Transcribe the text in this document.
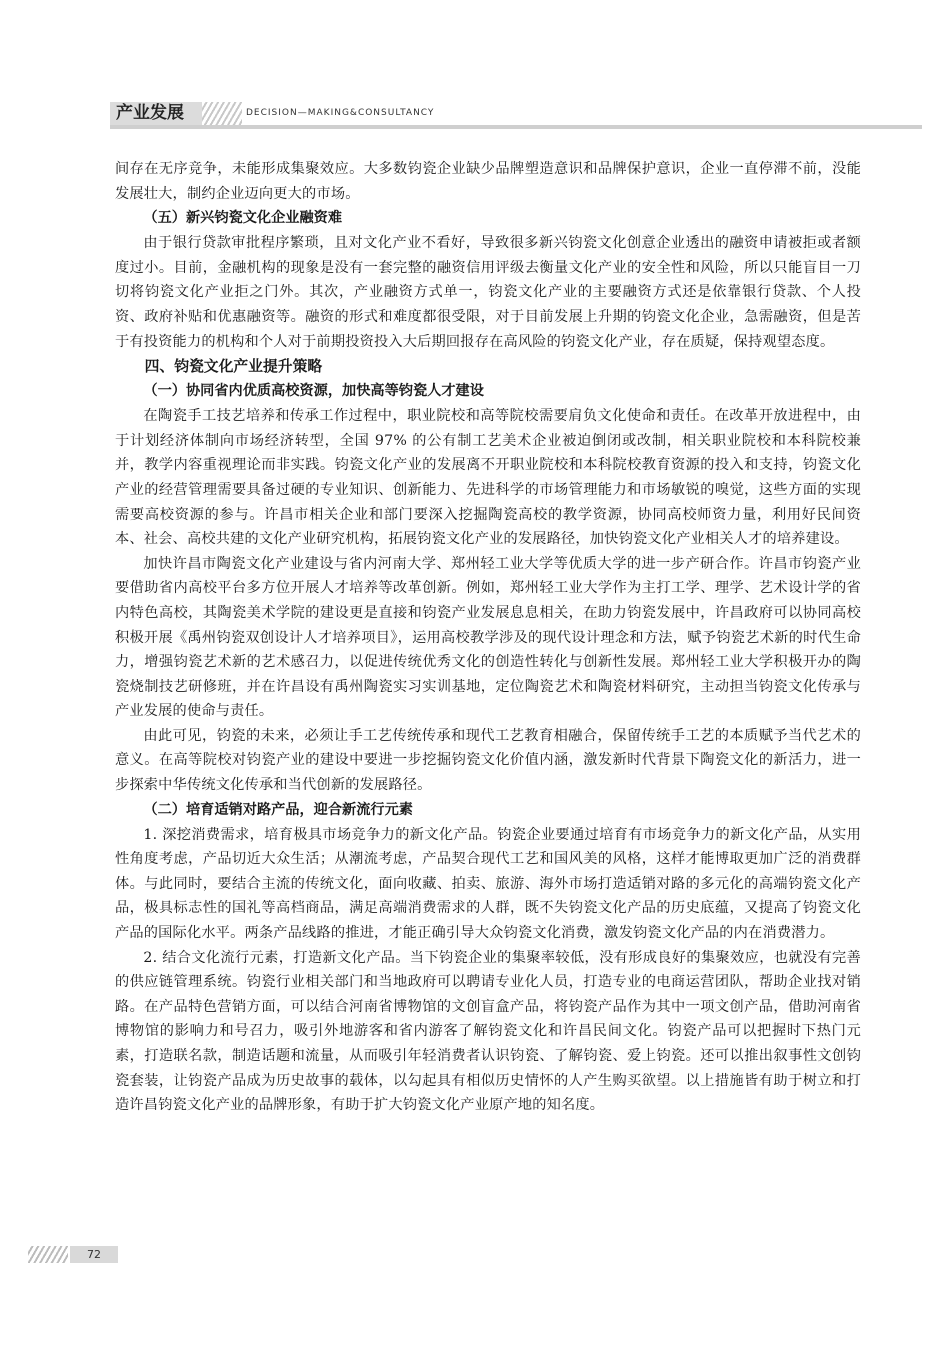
产业发展	DECISION—MAKING&CONSULTANCY

间存在无序竞争，未能形成集聚效应。大多数钧瓷企业缺少品牌塑造意识和品牌保护意识，企业一直停滞不前，没能发展壮大，制约企业迈向更大的市场。

（五）新兴钧瓷文化企业融资难

由于银行贷款审批程序繁琐，且对文化产业不看好，导致很多新兴钧瓷文化创意企业透出的融资申请被拒或者额度过小。目前，金融机构的现象是没有一套完整的融资信用评级去衡量文化产业的安全性和风险，所以只能盲目一刀切将钧瓷文化产业拒之门外。其次，产业融资方式单一，钧瓷文化产业的主要融资方式还是依靠银行贷款、个人投资、政府补贴和优惠融资等。融资的形式和难度都很受限，对于目前发展上升期的钧瓷文化企业，急需融资，但是苦于有投资能力的机构和个人对于前期投资投入大后期回报存在高风险的钧瓷文化产业，存在质疑，保持观望态度。

四、钧瓷文化产业提升策略

（一）协同省内优质高校资源，加快高等钧瓷人才建设

在陶瓷手工技艺培养和传承工作过程中，职业院校和高等院校需要肩负文化使命和责任。在改革开放进程中，由于计划经济体制向市场经济转型，全国 97% 的公有制工艺美术企业被迫倒闭或改制，相关职业院校和本科院校兼并，教学内容重视理论而非实践。钧瓷文化产业的发展离不开职业院校和本科院校教育资源的投入和支持，钧瓷文化产业的经营管理需要具备过硬的专业知识、创新能力、先进科学的市场管理能力和市场敏锐的嗅觉，这些方面的实现需要高校资源的参与。许昌市相关企业和部门要深入挖掘陶瓷高校的教学资源，协同高校师资力量，利用好民间资本、社会、高校共建的文化产业研究机构，拓展钧瓷文化产业的发展路径，加快钧瓷文化产业相关人才的培养建设。

加快许昌市陶瓷文化产业建设与省内河南大学、郑州轻工业大学等优质大学的进一步产研合作。许昌市钧瓷产业要借助省内高校平台多方位开展人才培养等改革创新。例如，郑州轻工业大学作为主打工学、理学、艺术设计学的省内特色高校，其陶瓷美术学院的建设更是直接和钧瓷产业发展息息相关，在助力钧瓷发展中，许昌政府可以协同高校积极开展《禹州钧瓷双创设计人才培养项目》，运用高校教学涉及的现代设计理念和方法，赋予钧瓷艺术新的时代生命力，增强钧瓷艺术新的艺术感召力，以促进传统优秀文化的创造性转化与创新性发展。郑州轻工业大学积极开办的陶瓷烧制技艺研修班，并在许昌设有禹州陶瓷实习实训基地，定位陶瓷艺术和陶瓷材料研究，主动担当钧瓷文化传承与产业发展的使命与责任。

由此可见，钧瓷的未来，必须让手工艺传统传承和现代工艺教育相融合，保留传统手工艺的本质赋予当代艺术的意义。在高等院校对钧瓷产业的建设中要进一步挖掘钧瓷文化价值内涵，激发新时代背景下陶瓷文化的新活力，进一步探索中华传统文化传承和当代创新的发展路径。

（二）培育适销对路产品，迎合新流行元素

1. 深挖消费需求，培育极具市场竞争力的新文化产品。钧瓷企业要通过培育有市场竞争力的新文化产品，从实用性角度考虑，产品切近大众生活；从潮流考虑，产品契合现代工艺和国风美的风格，这样才能博取更加广泛的消费群体。与此同时，要结合主流的传统文化，面向收藏、拍卖、旅游、海外市场打造适销对路的多元化的高端钧瓷文化产品，极具标志性的国礼等高档商品，满足高端消费需求的人群，既不失钧瓷文化产品的历史底蕴，又提高了钧瓷文化产品的国际化水平。两条产品线路的推进，才能正确引导大众钧瓷文化消费，激发钧瓷文化产品的内在消费潜力。

2. 结合文化流行元素，打造新文化产品。当下钧瓷企业的集聚率较低，没有形成良好的集聚效应，也就没有完善的供应链管理系统。钧瓷行业相关部门和当地政府可以聘请专业化人员，打造专业的电商运营团队，帮助企业找对销路。在产品特色营销方面，可以结合河南省博物馆的文创盲盒产品，将钧瓷产品作为其中一项文创产品，借助河南省博物馆的影响力和号召力，吸引外地游客和省内游客了解钧瓷文化和许昌民间文化。钧瓷产品可以把握时下热门元素，打造联名款，制造话题和流量，从而吸引年轻消费者认识钧瓷、了解钧瓷、爱上钧瓷。还可以推出叙事性文创钧瓷套装，让钧瓷产品成为历史故事的载体，以勾起具有相似历史情怀的人产生购买欲望。以上措施皆有助于树立和打造许昌钧瓷文化产业的品牌形象，有助于扩大钧瓷文化产业原产地的知名度。

72
